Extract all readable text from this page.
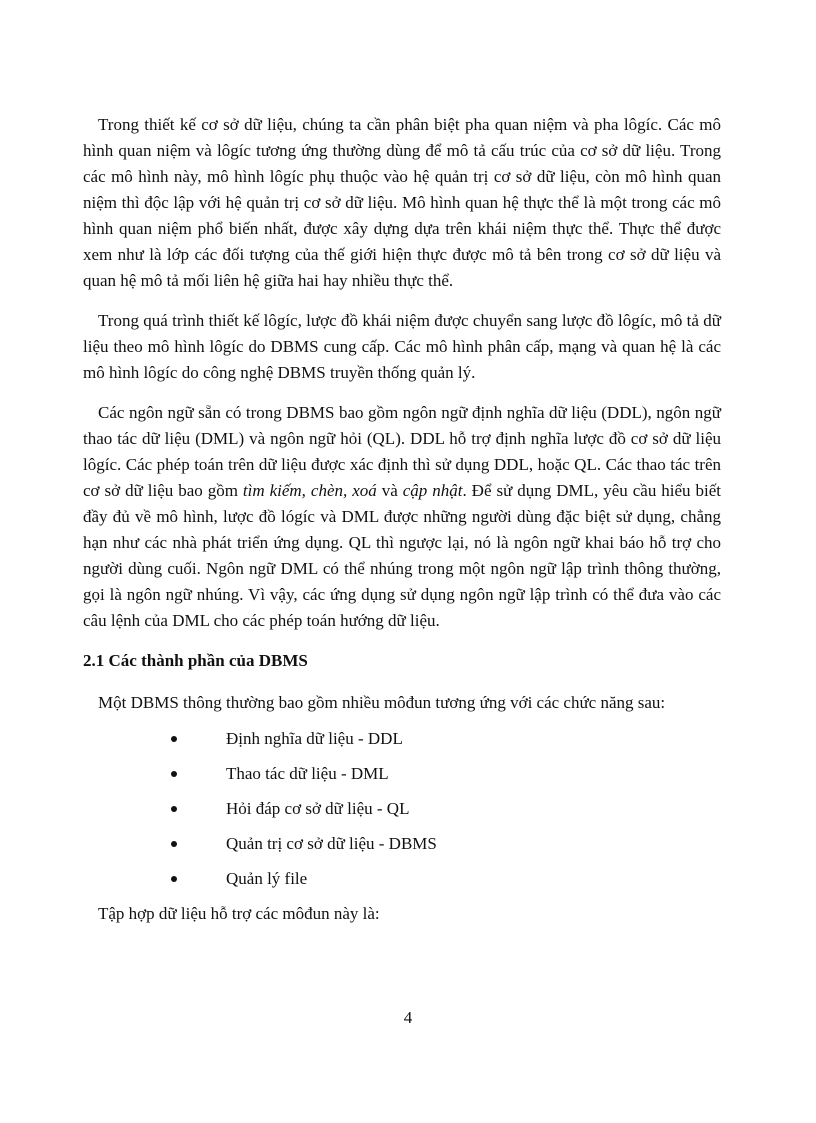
Trong thiết kế cơ sở dữ liệu, chúng ta cần phân biệt pha quan niệm và pha lôgíc. Các mô hình quan niệm và lôgíc tương ứng thường dùng để mô tả cấu trúc của cơ sở dữ liệu. Trong các mô hình này, mô hình lôgíc phụ thuộc vào hệ quản trị cơ sở dữ liệu, còn mô hình quan niệm thì độc lập với hệ quản trị cơ sở dữ liệu. Mô hình quan hệ thực thể là một trong các mô hình quan niệm phổ biến nhất, được xây dựng dựa trên khái niệm thực thể. Thực thể được xem như là lớp các đối tượng của thế giới hiện thực được mô tả bên trong cơ sở dữ liệu và quan hệ mô tả mối liên hệ giữa hai hay nhiều thực thể.

Trong quá trình thiết kế lôgíc, lược đồ khái niệm được chuyển sang lược đồ lôgíc, mô tả dữ liệu theo mô hình lôgíc do DBMS cung cấp. Các mô hình phân cấp, mạng và quan hệ là các mô hình lôgíc do công nghệ DBMS truyền thống quản lý.

Các ngôn ngữ sẵn có trong DBMS bao gồm ngôn ngữ định nghĩa dữ liệu (DDL), ngôn ngữ thao tác dữ liệu (DML) và ngôn ngữ hỏi (QL). DDL hỗ trợ định nghĩa lược đồ cơ sở dữ liệu lôgíc. Các phép toán trên dữ liệu được xác định thì sử dụng DDL, hoặc QL. Các thao tác trên cơ sở dữ liệu bao gồm tìm kiếm, chèn, xoá và cập nhật. Để sử dụng DML, yêu cầu hiểu biết đầy đủ về mô hình, lược đồ lógíc và DML được những người dùng đặc biệt sử dụng, chẳng hạn như các nhà phát triển ứng dụng. QL thì ngược lại, nó là ngôn ngữ khai báo hỗ trợ cho người dùng cuối. Ngôn ngữ DML có thể nhúng trong một ngôn ngữ lập trình thông thường, gọi là ngôn ngữ nhúng. Vì vậy, các ứng dụng sử dụng ngôn ngữ lập trình có thể đưa vào các câu lệnh của DML cho các phép toán hướng dữ liệu.

2.1 Các thành phần của DBMS

Một DBMS thông thường bao gồm nhiều môđun tương ứng với các chức năng sau:

Định nghĩa dữ liệu - DDL
Thao tác dữ liệu - DML
Hỏi đáp cơ sở dữ liệu - QL
Quản trị cơ sở dữ liệu - DBMS
Quản lý file

Tập hợp dữ liệu hỗ trợ các môđun này là:

4
